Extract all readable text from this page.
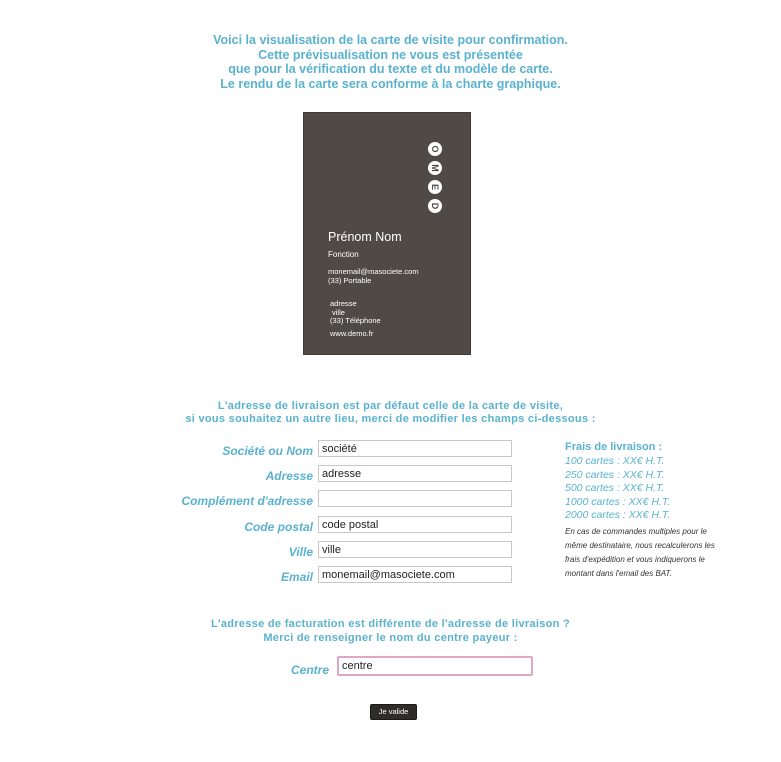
Voici la visualisation de la carte de visite pour confirmation.
Cette prévisualisation ne vous est présentée
que pour la vérification du texte et du modèle de carte.
Le rendu de la carte sera conforme à la charte graphique.
O
M
E
D
Prénom Nom
Fonction
monemail@masociete.com
(33) Portable
adresse
ville
(33) Téléphone
www.demo.fr
L'adresse de livraison est par défaut celle de la carte de visite,
si vous souhaitez un autre lieu, merci de modifier les champs ci-dessous :
Société ou Nom
société
Adresse
adresse
Complément d'adresse
Code postal
code postal
Ville
ville
Email
monemail@masociete.com
Frais de livraison :
100 cartes : XX€ H.T.
250 cartes : XX€ H.T.
500 cartes : XX€ H.T.
1000 cartes : XX€ H.T.
2000 cartes : XX€ H.T.
En cas de commandes multiples pour le
même destinataire, nous recalculerons les
frais d'expédition et vous indiquerons le
montant dans l'email des BAT.
L'adresse de facturation est différente de l'adresse de livraison ?
Merci de renseigner le nom du centre payeur :
Centre
centre
Je valide
